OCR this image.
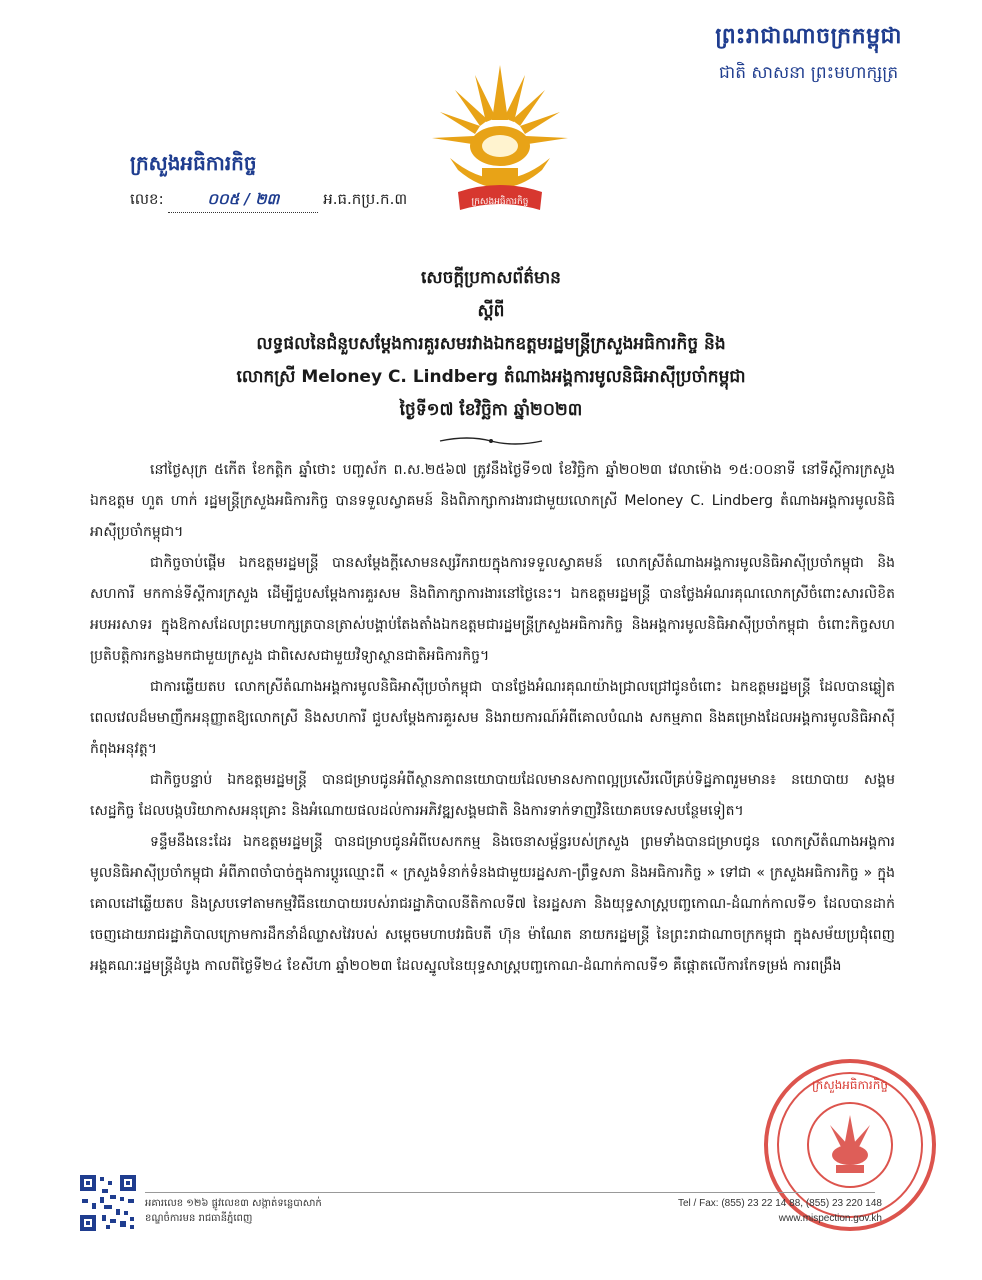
ព្រះរាជាណាចក្រកម្ពុជា
ជាតិ សាសនា ព្រះមហាក្សត្រ
ក្រសួងអធិការកិច្ច
ក្រសួងអធិការកិច្ច
លេខ:	០០៥ / ២៣	អ.ធ.កប្រ.ក.៣
សេចក្តីប្រកាសព័ត៌មាន
ស្តីពី
លទ្ធផលនៃជំនួបសម្តែងការគួរសមរវាងឯកឧត្តមរដ្ឋមន្ត្រីក្រសួងអធិការកិច្ច និង
លោកស្រី Meloney C. Lindberg តំណាងអង្គការមូលនិធិអាស៊ីប្រចាំកម្ពុជា
ថ្ងៃទី១៧ ខែវិច្ឆិកា ឆ្នាំ២០២៣

នៅថ្ងៃសុក្រ ៥កើត ខែកត្តិក ឆ្នាំថោះ បញ្ចស័ក ព.ស.២៥៦៧ ត្រូវនឹងថ្ងៃទី១៧ ខែវិច្ឆិកា ឆ្នាំ២០២៣ វេលាម៉ោង ១៥:០០នាទី នៅទីស្តីការក្រសួង ឯកឧត្តម ហួត ហាក់ រដ្ឋមន្ត្រីក្រសួងអធិការកិច្ច បានទទួលស្វាគមន៍ និងពិភាក្សាការងារជាមួយលោកស្រី Meloney C. Lindberg តំណាងអង្គការមូលនិធិអាស៊ីប្រចាំកម្ពុជា។

ជាកិច្ចចាប់ផ្តើម ឯកឧត្តមរដ្ឋមន្ត្រី បានសម្តែងក្តីសោមនស្សរីករាយក្នុងការទទួលស្វាគមន៍ លោកស្រីតំណាងអង្គការមូលនិធិអាស៊ីប្រចាំកម្ពុជា និងសហការី មកកាន់ទីស្តីការក្រសួង ដើម្បីជួបសម្តែងការគួរសម និងពិភាក្សាការងារនៅថ្ងៃនេះ។ ឯកឧត្តមរដ្ឋមន្ត្រី បានថ្លែងអំណរគុណលោកស្រីចំពោះសារលិខិតអបអរសាទរ ក្នុងឱកាសដែលព្រះមហាក្សត្របានត្រាស់បង្គាប់តែងតាំងឯកឧត្តមជារដ្ឋមន្ត្រីក្រសួងអធិការកិច្ច និងអង្គការមូលនិធិអាស៊ីប្រចាំកម្ពុជា ចំពោះកិច្ចសហប្រតិបត្តិការកន្លងមកជាមួយក្រសួង ជាពិសេសជាមួយវិទ្យាស្ថានជាតិអធិការកិច្ច។

ជាការឆ្លើយតប លោកស្រីតំណាងអង្គការមូលនិធិអាស៊ីប្រចាំកម្ពុជា បានថ្លែងអំណរគុណយ៉ាងជ្រាលជ្រៅជូនចំពោះ ឯកឧត្តមរដ្ឋមន្ត្រី ដែលបានឆ្លៀតពេលវេលដ៏មមាញឹកអនុញ្ញាតឱ្យលោកស្រី និងសហការី ជួបសម្តែងការគួរសម និងរាយការណ៍អំពីគោលបំណង សកម្មភាព និងគម្រោងដែលអង្គការមូលនិធិអាស៊ីកំពុងអនុវត្ត។

ជាកិច្ចបន្ទាប់ ឯកឧត្តមរដ្ឋមន្ត្រី បានជម្រាបជូនអំពីស្ថានភាពនយោបាយដែលមានសកាពល្អប្រសើរលើគ្រប់ទិដ្ឋភាពរួមមាន៖ នយោបាយ សង្គម សេដ្ឋកិច្ច ដែលបង្កបរិយាកាសអនុគ្រោះ និងអំណោយផលដល់ការអភិវឌ្ឍសង្គមជាតិ និងការទាក់ទាញវិនិយោគបទេសបន្ថែមទៀត។

ទន្ទឹមនឹងនេះដែរ ឯកឧត្តមរដ្ឋមន្ត្រី បានជម្រាបជូនអំពីបេសកកម្ម និងចេនាសម្ព័ន្ធរបស់ក្រសួង ព្រមទាំងបានជម្រាបជូន លោកស្រីតំណាងអង្គការមូលនិធិអាស៊ីប្រចាំកម្ពុជា អំពីភាពចាំបាច់ក្នុងការប្តូរឈ្មោះពី « ក្រសួងទំនាក់ទំនងជាមួយរដ្ឋសភា-ព្រឹទ្ធសភា និងអធិការកិច្ច » ទៅជា « ក្រសួងអធិការកិច្ច » ក្នុងគោលដៅឆ្លើយតប និងស្របទៅតាមកម្មវិធីនយោបាយរបស់រាជរដ្ឋាភិបាលនីតិកាលទី៧ នៃរដ្ឋសភា និងយុទ្ធសាស្ត្របញ្ចកោណ-ដំណាក់កាលទី១ ដែលបានដាក់ចេញដោយរាជរដ្ឋាភិបាលក្រោមការដឹកនាំដ៏ឈ្លាសវៃរបស់ សម្តេចមហាបវរធិបតី ហ៊ុន ម៉ាណែត នាយករដ្ឋមន្ត្រី នៃព្រះរាជាណាចក្រកម្ពុជា ក្នុងសម័យប្រជុំពេញអង្គគណៈរដ្ឋមន្ត្រីដំបូង កាលពីថ្ងៃទី២៤ ខែសីហា ឆ្នាំ២០២៣ ដែលស្នូលនៃយុទ្ធសាស្ត្របញ្ចកោណ-ដំណាក់កាលទី១ គឺផ្តោតលើការកែទម្រង់ ការពង្រឹង

ក្រសួងអធិការកិច្ច
អគារលេខ ១២៦ ផ្លូវលេខ៣ សង្កាត់ទន្លេបាសាក់
ខណ្ឌចំការមន រាជធានីភ្នំពេញ
Tel / Fax: (855) 23 22 14 88, (855) 23 220 148
www.mispection.gov.kh
